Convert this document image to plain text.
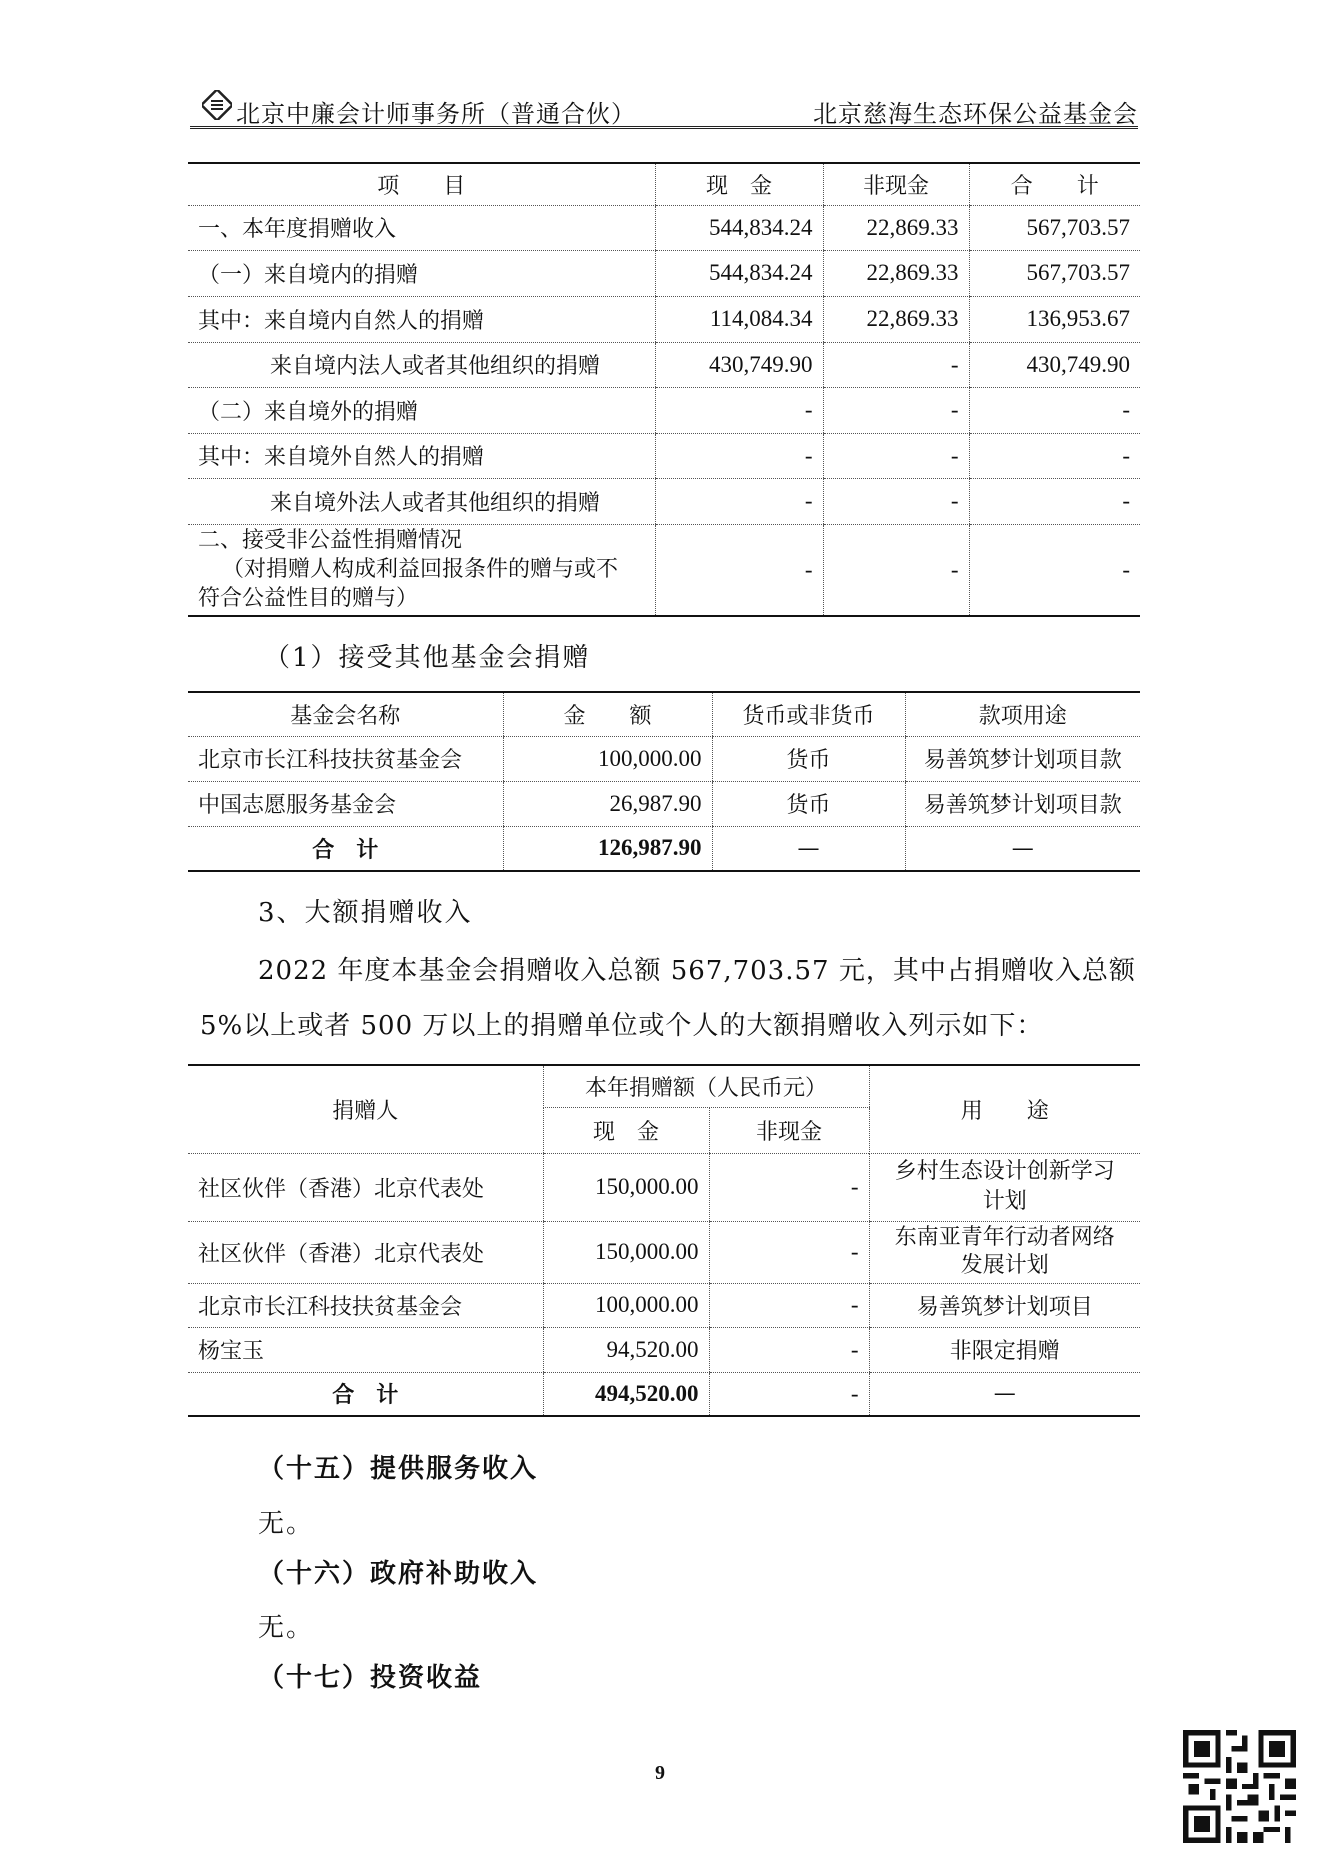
北京中廉会计师事务所（普通合伙）	北京慈海生态环保公益基金会
项　　目	现　金	非现金	合　　计
一、本年度捐赠收入	544,834.24	22,869.33	567,703.57
（一）来自境内的捐赠	544,834.24	22,869.33	567,703.57
其中：来自境内自然人的捐赠	114,084.34	22,869.33	136,953.67
来自境内法人或者其他组织的捐赠	430,749.90	-	430,749.90
（二）来自境外的捐赠	-	-	-
其中：来自境外自然人的捐赠	-	-	-
来自境外法人或者其他组织的捐赠	-	-	-

二、接受非公益性捐赠情况
（对捐赠人构成利益回报条件的赠与或不
符合公益性目的赠与）	-	-	-
（1）接受其他基金会捐赠
基金会名称	金　　额	货币或非货币	款项用途
北京市长江科技扶贫基金会	100,000.00	货币	易善筑梦计划项目款
中国志愿服务基金会	26,987.90	货币	易善筑梦计划项目款
合　计	126,987.90	—	—
3、大额捐赠收入
2022 年度本基金会捐赠收入总额 567,703.57 元，其中占捐赠收入总额
5%以上或者 500 万以上的捐赠单位或个人的大额捐赠收入列示如下：
捐赠人	本年捐赠额（人民币元）		用　　途
	现　金	非现金	
社区伙伴（香港）北京代表处	150,000.00	-	乡村生态设计创新学习
计划

社区伙伴（香港）北京代表处	150,000.00	-	东南亚青年行动者网络
发展计划

北京市长江科技扶贫基金会	100,000.00	-	易善筑梦计划项目
杨宝玉	94,520.00	-	非限定捐赠
合　计	494,520.00	-	—
（十五）提供服务收入
无。
（十六）政府补助收入
无。
（十七）投资收益
9
